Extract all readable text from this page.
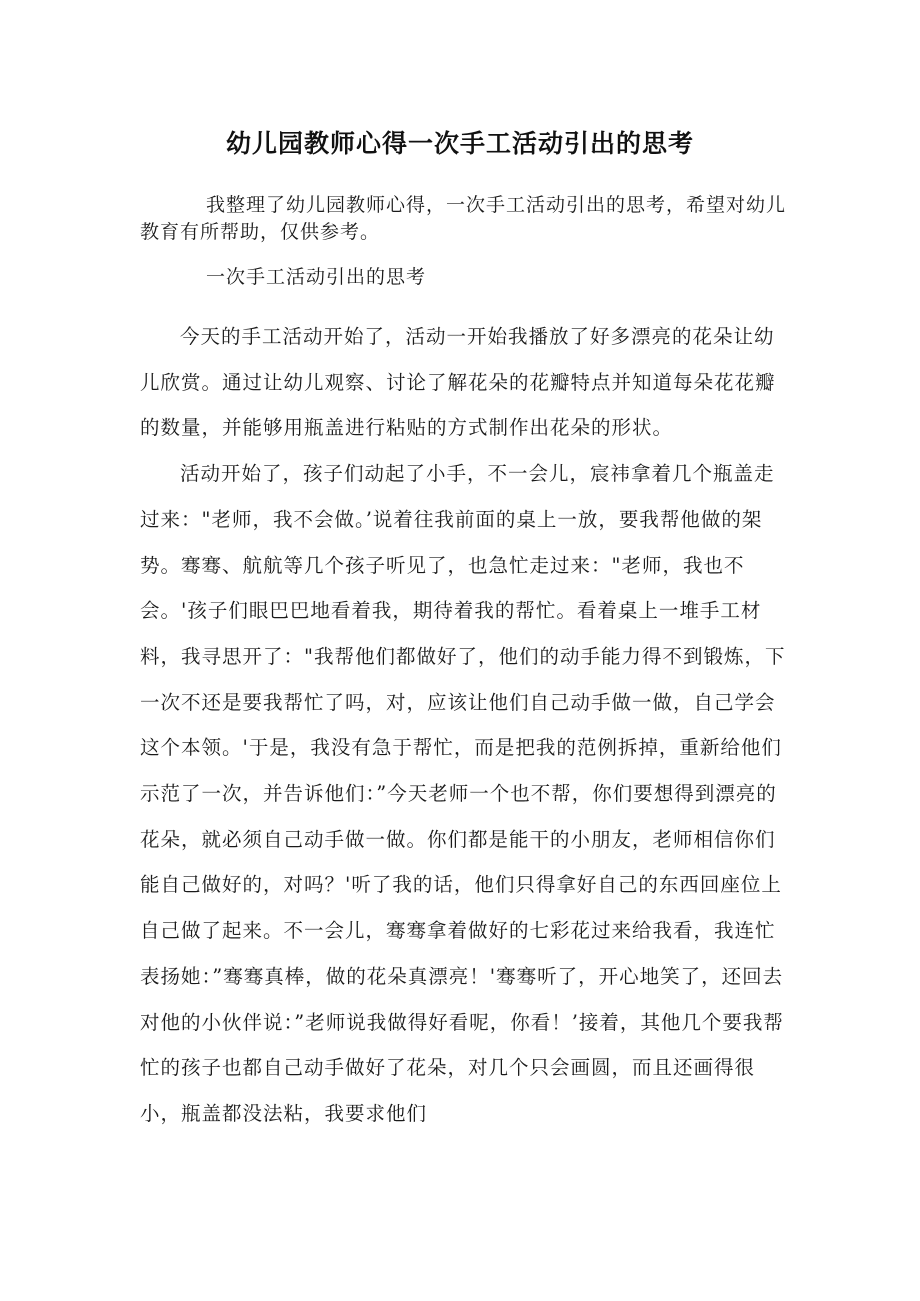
幼儿园教师心得一次手工活动引出的思考

我整理了幼儿园教师心得，一次手工活动引出的思考，希望对幼儿教育有所帮助，仅供参考。

一次手工活动引出的思考

今天的手工活动开始了，活动一开始我播放了好多漂亮的花朵让幼儿欣赏。通过让幼儿观察、讨论了解花朵的花瓣特点并知道每朵花花瓣的数量，并能够用瓶盖进行粘贴的方式制作出花朵的形状。

活动开始了，孩子们动起了小手，不一会儿，宸祎拿着几个瓶盖走过来："老师，我不会做。’说着往我前面的桌上一放，要我帮他做的架势。骞骞、航航等几个孩子听见了，也急忙走过来："老师，我也不会。'孩子们眼巴巴地看着我，期待着我的帮忙。看着桌上一堆手工材料，我寻思开了："我帮他们都做好了，他们的动手能力得不到锻炼，下一次不还是要我帮忙了吗，对，应该让他们自己动手做一做，自己学会这个本领。'于是，我没有急于帮忙，而是把我的范例拆掉，重新给他们示范了一次，并告诉他们：”今天老师一个也不帮，你们要想得到漂亮的花朵，就必须自己动手做一做。你们都是能干的小朋友，老师相信你们能自己做好的，对吗？'听了我的话，他们只得拿好自己的东西回座位上自己做了起来。不一会儿，骞骞拿着做好的七彩花过来给我看，我连忙表扬她：”骞骞真棒，做的花朵真漂亮！'骞骞听了，开心地笑了，还回去对他的小伙伴说：”老师说我做得好看呢，你看！’接着，其他几个要我帮忙的孩子也都自己动手做好了花朵，对几个只会画圆，而且还画得很小，瓶盖都没法粘，我要求他们
